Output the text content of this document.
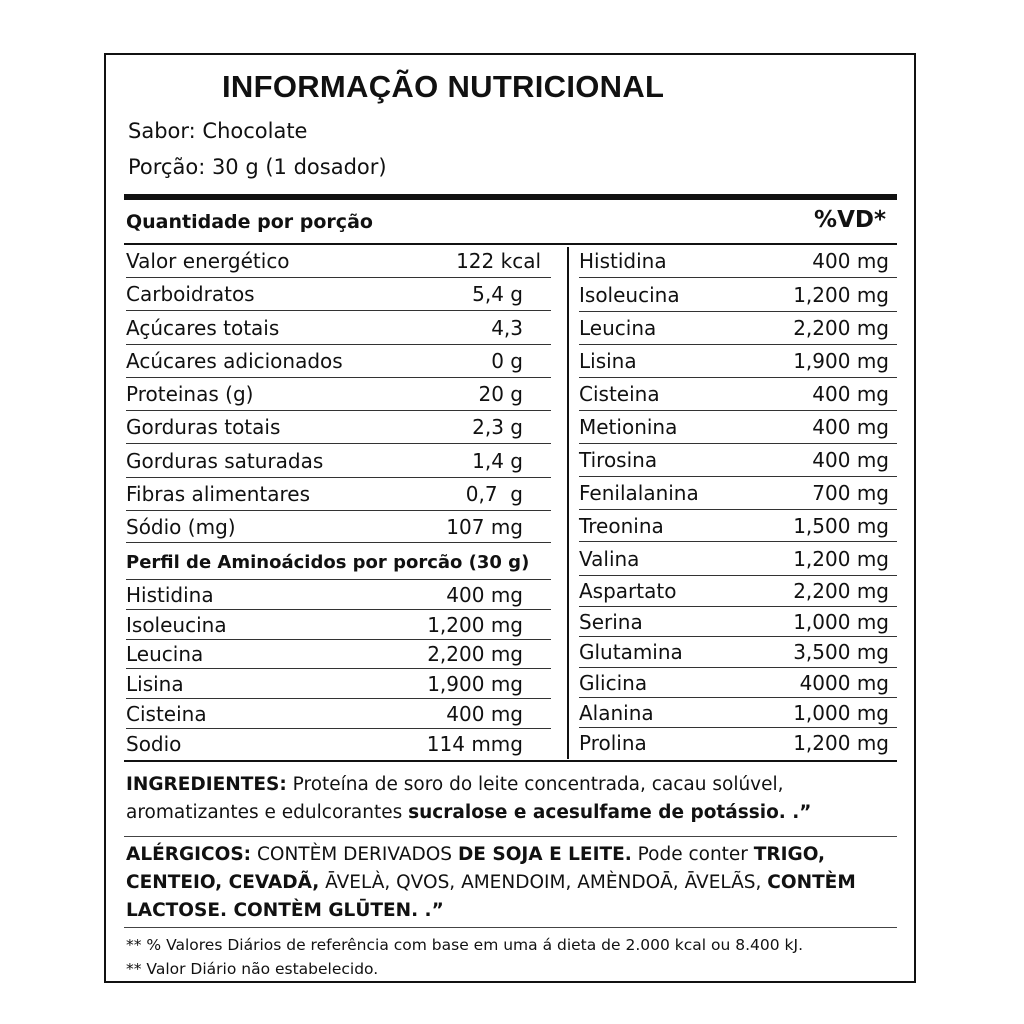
INFORMAÇÃO NUTRICIONAL
Sabor: Chocolate
Porção: 30 g (1 dosador)
Quantidade por porção	%VD*
Valor energético	122 kcal
Carboidratos	5,4 g
Açúcares totais	4,3
Acúcares adicionados	0 g
Proteinas (g)	20 g
Gorduras totais	2,3 g
Gorduras saturadas	1,4 g
Fibras alimentares	0,7  g
Sódio (mg)	107 mg
Perfil de Aminoácidos por porcão (30 g)
Histidina	400 mg
Isoleucina	1,200 mg
Leucina	2,200 mg
Lisina	1,900 mg
Cisteina	400 mg
Sodio	114 mmg
Histidina	400 mg
Isoleucina	1,200 mg
Leucina	2,200 mg
Lisina	1,900 mg
Cisteina	400 mg
Metionina	400 mg
Tirosina	400 mg
Fenilalanina	700 mg
Treonina	1,500 mg
Valina	1,200 mg
Aspartato	2,200 mg
Serina	1,000 mg
Glutamina	3,500 mg
Glicina	4000 mg
Alanina	1,000 mg
Prolina	1,200 mg
INGREDIENTES: Proteína de soro do leite concentrada, cacau solúvel, aromatizantes e edulcorantes sucralose e acesulfame de potássio. .”
ALÉRGICOS: CONTÈM DERIVADOS DE SOJA E LEITE. Pode conter TRIGO, CENTEIO, CEVADÃ, ĀVELÀ, QVOS, AMENDOIM, AMÈNDOĀ, ĀVELÃS, CONTÈM LACTOSE. CONTÈM GLŪTEN. .”
** % Valores Diários de referência com base em uma á dieta de 2.000 kcal ou 8.400 kJ.
** Valor Diário não estabelecido.
